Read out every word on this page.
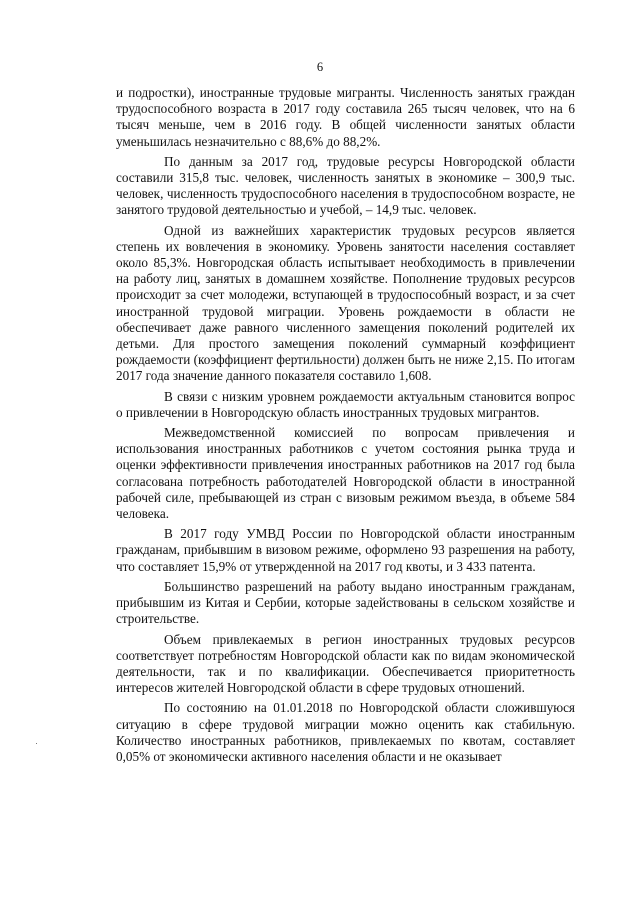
6

и подростки), иностранные трудовые мигранты. Численность занятых граждан трудоспособного возраста в 2017 году составила 265 тысяч человек, что на 6 тысяч меньше, чем в 2016 году. В общей численности занятых области уменьшилась незначительно с 88,6% до 88,2%.

По данным за 2017 год, трудовые ресурсы Новгородской области составили 315,8 тыс. человек, численность занятых в экономике – 300,9 тыс. человек, численность трудоспособного населения в трудоспособном возрасте, не занятого трудовой деятельностью и учебой, – 14,9 тыс. человек.

Одной из важнейших характеристик трудовых ресурсов является степень их вовлечения в экономику. Уровень занятости населения составляет около 85,3%. Новгородская область испытывает необходимость в привлечении на работу лиц, занятых в домашнем хозяйстве. Пополнение трудовых ресурсов происходит за счет молодежи, вступающей в трудоспособный возраст, и за счет иностранной трудовой миграции. Уровень рождаемости в области не обеспечивает даже равного численного замещения поколений родителей их детьми. Для простого замещения поколений суммарный коэффициент рождаемости (коэффициент фертильности) должен быть не ниже 2,15. По итогам 2017 года значение данного показателя составило 1,608.

В связи с низким уровнем рождаемости актуальным становится вопрос о привлечении в Новгородскую область иностранных трудовых мигрантов.

Межведомственной комиссией по вопросам привлечения и использования иностранных работников с учетом состояния рынка труда и оценки эффективности привлечения иностранных работников на 2017 год была согласована потребность работодателей Новгородской области в иностранной рабочей силе, пребывающей из стран с визовым режимом въезда, в объеме 584 человека.

В 2017 году УМВД России по Новгородской области иностранным гражданам, прибывшим в визовом режиме, оформлено 93 разрешения на работу, что составляет 15,9% от утвержденной на 2017 год квоты, и 3 433 патента.

Большинство разрешений на работу выдано иностранным гражданам, прибывшим из Китая и Сербии, которые задействованы в сельском хозяйстве и строительстве.

Объем привлекаемых в регион иностранных трудовых ресурсов соответствует потребностям Новгородской области как по видам экономической деятельности, так и по квалификации. Обеспечивается приоритетность интересов жителей Новгородской области в сфере трудовых отношений.

По состоянию на 01.01.2018 по Новгородской области сложившуюся ситуацию в сфере трудовой миграции можно оценить как стабильную. Количество иностранных работников, привлекаемых по квотам, составляет 0,05% от экономически активного населения области и не оказывает
